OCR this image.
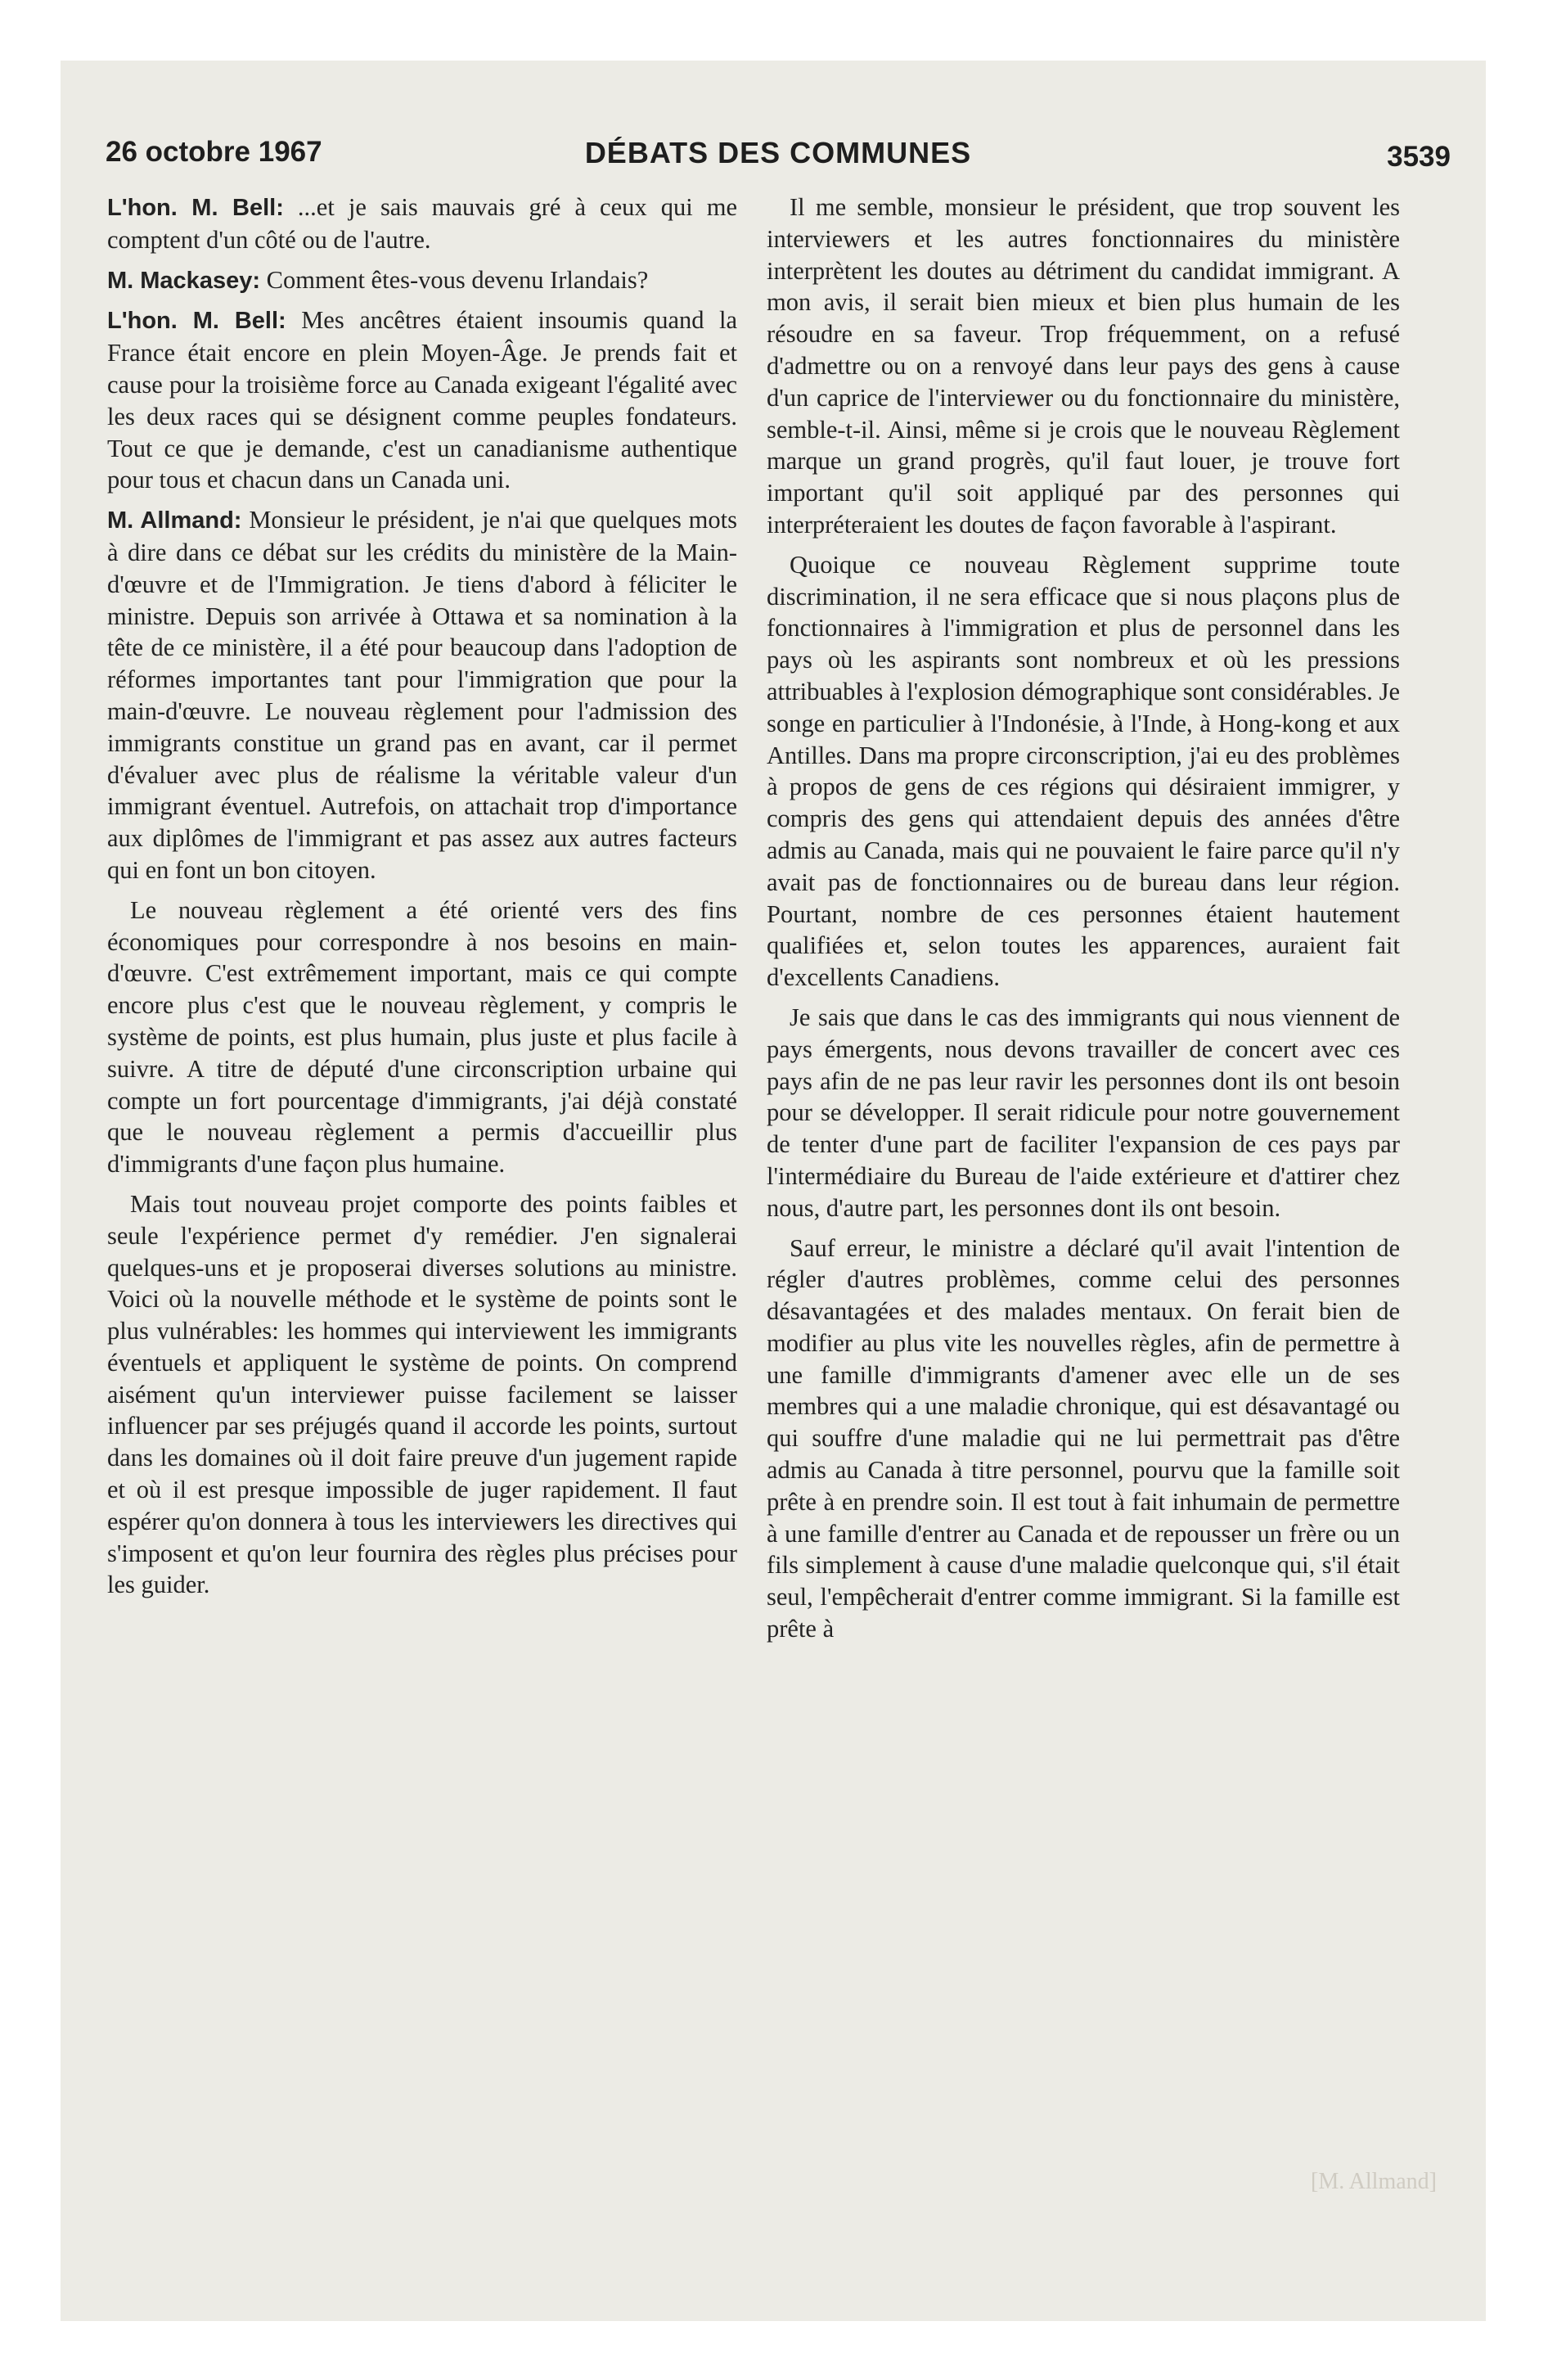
26 octobre 1967	DÉBATS DES COMMUNES	3539

L'hon. M. Bell: ...et je sais mauvais gré à ceux qui me comptent d'un côté ou de l'autre.

M. Mackasey: Comment êtes-vous devenu Irlandais?

L'hon. M. Bell: Mes ancêtres étaient insoumis quand la France était encore en plein Moyen-Âge. Je prends fait et cause pour la troisième force au Canada exigeant l'égalité avec les deux races qui se désignent comme peuples fondateurs. Tout ce que je demande, c'est un canadianisme authentique pour tous et chacun dans un Canada uni.

M. Allmand: Monsieur le président, je n'ai que quelques mots à dire dans ce débat sur les crédits du ministère de la Main-d'œuvre et de l'Immigration. Je tiens d'abord à féliciter le ministre. Depuis son arrivée à Ottawa et sa nomination à la tête de ce ministère, il a été pour beaucoup dans l'adoption de réformes importantes tant pour l'immigration que pour la main-d'œuvre. Le nouveau règlement pour l'admission des immigrants constitue un grand pas en avant, car il permet d'évaluer avec plus de réalisme la véritable valeur d'un immigrant éventuel. Autrefois, on attachait trop d'importance aux diplômes de l'immigrant et pas assez aux autres facteurs qui en font un bon citoyen.

Le nouveau règlement a été orienté vers des fins économiques pour correspondre à nos besoins en main-d'œuvre. C'est extrêmement important, mais ce qui compte encore plus c'est que le nouveau règlement, y compris le système de points, est plus humain, plus juste et plus facile à suivre. A titre de député d'une circonscription urbaine qui compte un fort pourcentage d'immigrants, j'ai déjà constaté que le nouveau règlement a permis d'accueillir plus d'immigrants d'une façon plus humaine.

Mais tout nouveau projet comporte des points faibles et seule l'expérience permet d'y remédier. J'en signalerai quelques-uns et je proposerai diverses solutions au ministre. Voici où la nouvelle méthode et le système de points sont le plus vulnérables: les hommes qui interviewent les immigrants éventuels et appliquent le système de points. On comprend aisément qu'un interviewer puisse facilement se laisser influencer par ses préjugés quand il accorde les points, surtout dans les domaines où il doit faire preuve d'un jugement rapide et où il est presque impossible de juger rapidement. Il faut espérer qu'on donnera à tous les interviewers les directives qui s'imposent et qu'on leur fournira des règles plus précises pour les guider.

Il me semble, monsieur le président, que trop souvent les interviewers et les autres fonctionnaires du ministère interprètent les doutes au détriment du candidat immigrant. A mon avis, il serait bien mieux et bien plus humain de les résoudre en sa faveur. Trop fréquemment, on a refusé d'admettre ou on a renvoyé dans leur pays des gens à cause d'un caprice de l'interviewer ou du fonctionnaire du ministère, semble-t-il. Ainsi, même si je crois que le nouveau Règlement marque un grand progrès, qu'il faut louer, je trouve fort important qu'il soit appliqué par des personnes qui interpréteraient les doutes de façon favorable à l'aspirant.

Quoique ce nouveau Règlement supprime toute discrimination, il ne sera efficace que si nous plaçons plus de fonctionnaires à l'immigration et plus de personnel dans les pays où les aspirants sont nombreux et où les pressions attribuables à l'explosion démographique sont considérables. Je songe en particulier à l'Indonésie, à l'Inde, à Hong-kong et aux Antilles. Dans ma propre circonscription, j'ai eu des problèmes à propos de gens de ces régions qui désiraient immigrer, y compris des gens qui attendaient depuis des années d'être admis au Canada, mais qui ne pouvaient le faire parce qu'il n'y avait pas de fonctionnaires ou de bureau dans leur région. Pourtant, nombre de ces personnes étaient hautement qualifiées et, selon toutes les apparences, auraient fait d'excellents Canadiens.

Je sais que dans le cas des immigrants qui nous viennent de pays émergents, nous devons travailler de concert avec ces pays afin de ne pas leur ravir les personnes dont ils ont besoin pour se développer. Il serait ridicule pour notre gouvernement de tenter d'une part de faciliter l'expansion de ces pays par l'intermédiaire du Bureau de l'aide extérieure et d'attirer chez nous, d'autre part, les personnes dont ils ont besoin.

Sauf erreur, le ministre a déclaré qu'il avait l'intention de régler d'autres problèmes, comme celui des personnes désavantagées et des malades mentaux. On ferait bien de modifier au plus vite les nouvelles règles, afin de permettre à une famille d'immigrants d'amener avec elle un de ses membres qui a une maladie chronique, qui est désavantagé ou qui souffre d'une maladie qui ne lui permettrait pas d'être admis au Canada à titre personnel, pourvu que la famille soit prête à en prendre soin. Il est tout à fait inhumain de permettre à une famille d'entrer au Canada et de repousser un frère ou un fils simplement à cause d'une maladie quelconque qui, s'il était seul, l'empêcherait d'entrer comme immigrant. Si la famille est prête à

[M. Allmand]
